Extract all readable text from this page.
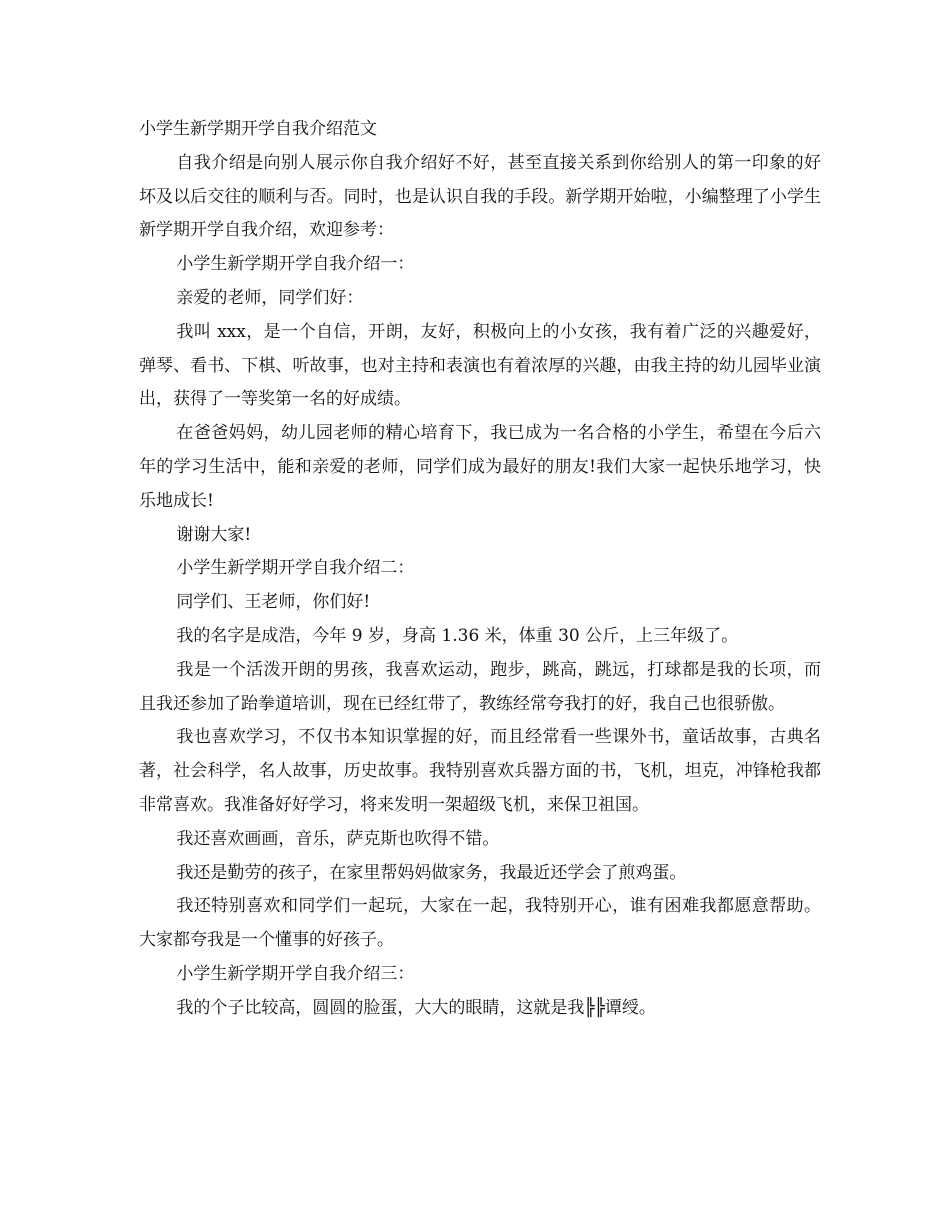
小学生新学期开学自我介绍范文

自我介绍是向别人展示你自我介绍好不好，甚至直接关系到你给别人的第一印象的好坏及以后交往的顺利与否。同时，也是认识自我的手段。新学期开始啦，小编整理了小学生新学期开学自我介绍，欢迎参考：

小学生新学期开学自我介绍一：

亲爱的老师，同学们好：

我叫 xxx，是一个自信，开朗，友好，积极向上的小女孩，我有着广泛的兴趣爱好，弹琴、看书、下棋、听故事，也对主持和表演也有着浓厚的兴趣，由我主持的幼儿园毕业演出，获得了一等奖第一名的好成绩。

在爸爸妈妈，幼儿园老师的精心培育下，我已成为一名合格的小学生，希望在今后六年的学习生活中，能和亲爱的老师，同学们成为最好的朋友!我们大家一起快乐地学习，快乐地成长!

谢谢大家!

小学生新学期开学自我介绍二：

同学们、王老师，你们好!

我的名字是成浩，今年 9 岁，身高 1.36 米，体重 30 公斤，上三年级了。

我是一个活泼开朗的男孩，我喜欢运动，跑步，跳高，跳远，打球都是我的长项，而且我还参加了跆拳道培训，现在已经红带了，教练经常夸我打的好，我自己也很骄傲。

我也喜欢学习，不仅书本知识掌握的好，而且经常看一些课外书，童话故事，古典名著，社会科学，名人故事，历史故事。我特别喜欢兵器方面的书，飞机，坦克，冲锋枪我都非常喜欢。我准备好好学习，将来发明一架超级飞机，来保卫祖国。

我还喜欢画画，音乐，萨克斯也吹得不错。

我还是勤劳的孩子，在家里帮妈妈做家务，我最近还学会了煎鸡蛋。

我还特别喜欢和同学们一起玩，大家在一起，我特别开心，谁有困难我都愿意帮助。大家都夸我是一个懂事的好孩子。

小学生新学期开学自我介绍三：

我的个子比较高，圆圆的脸蛋，大大的眼睛，这就是我╠╠谭绶。
